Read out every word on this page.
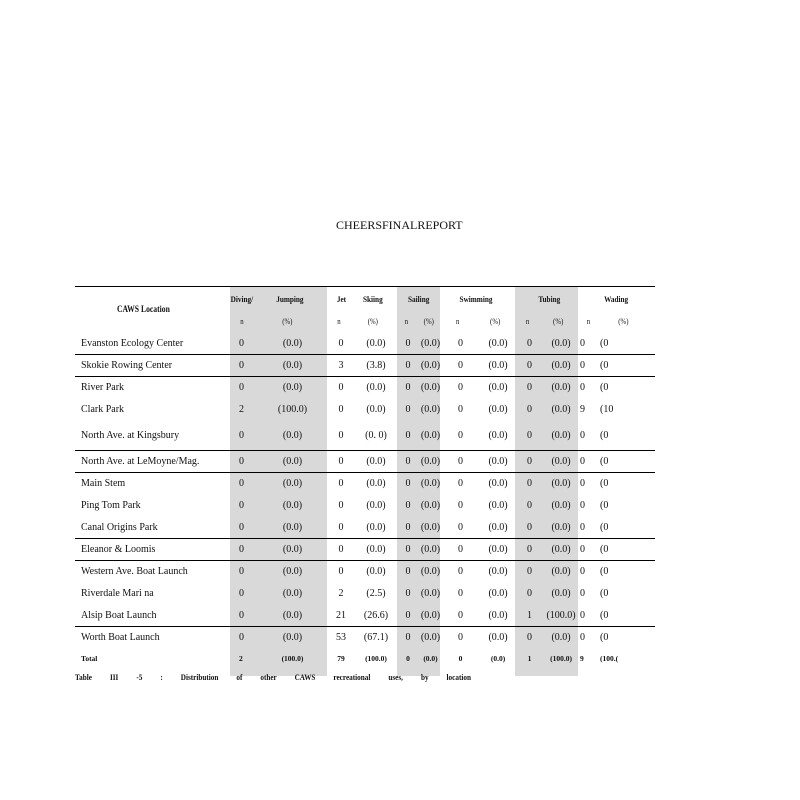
CHEERSFINALREPORT
CAWS Location	Diving/	Jumping	Jet	Skiing	Sailing		Swimming		Tubing		Wading	
	n	(%)	n	(%)	n	(%)	n	(%)	n	(%)	n	(%)
Evanston Ecology Center	0	(0.0)	0	(0.0)	0	(0.0)	0	(0.0)	0	(0.0)	0	(0
Skokie Rowing Center	0	(0.0)	3	(3.8)	0	(0.0)	0	(0.0)	0	(0.0)	0	(0
River Park	0	(0.0)	0	(0.0)	0	(0.0)	0	(0.0)	0	(0.0)	0	(0
Clark Park	2	(100.0)	0	(0.0)	0	(0.0)	0	(0.0)	0	(0.0)	9	(10
North Ave. at Kingsbury	0	(0.0)	0	(0. 0)	0	(0.0)	0	(0.0)	0	(0.0)	0	(0
North Ave. at LeMoyne/Mag.	0	(0.0)	0	(0.0)	0	(0.0)	0	(0.0)	0	(0.0)	0	(0
Main Stem	0	(0.0)	0	(0.0)	0	(0.0)	0	(0.0)	0	(0.0)	0	(0
Ping Tom Park	0	(0.0)	0	(0.0)	0	(0.0)	0	(0.0)	0	(0.0)	0	(0
Canal Origins Park	0	(0.0)	0	(0.0)	0	(0.0)	0	(0.0)	0	(0.0)	0	(0
Eleanor & Loomis	0	(0.0)	0	(0.0)	0	(0.0)	0	(0.0)	0	(0.0)	0	(0
Western Ave. Boat Launch	0	(0.0)	0	(0.0)	0	(0.0)	0	(0.0)	0	(0.0)	0	(0
Riverdale Mari na	0	(0.0)	2	(2.5)	0	(0.0)	0	(0.0)	0	(0.0)	0	(0
Alsip Boat Launch	0	(0.0)	21	(26.6)	0	(0.0)	0	(0.0)	1	(100.0)	0	(0
Worth Boat Launch	0	(0.0)	53	(67.1)	0	(0.0)	0	(0.0)	0	(0.0)	0	(0
Total	2	(100.0)	79	(100.0)	0	(0.0)	0	(0.0)	1	(100.0)	9	(100.(
Table III -5 : Distribution of other CAWS recreational uses, by location
